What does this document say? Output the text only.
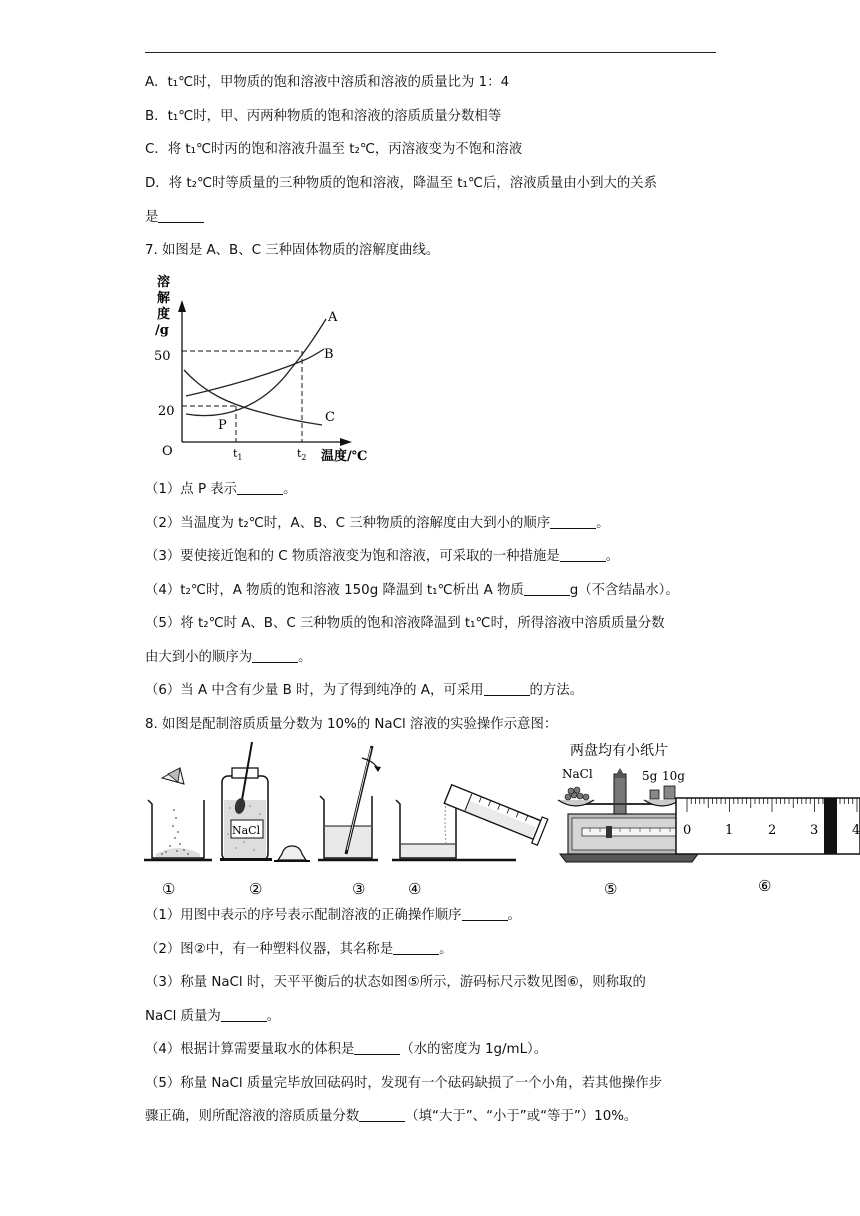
A．t₁℃时，甲物质的饱和溶液中溶质和溶液的质量比为 1：4
B．t₁℃时，甲、丙两种物质的饱和溶液的溶质质量分数相等
C．将 t₁℃时丙的饱和溶液升温至 t₂℃，丙溶液变为不饱和溶液
D．将 t₂℃时等质量的三种物质的饱和溶液，降温至 t₁℃后，溶液质量由小到大的关系
是
7. 如图是 A、B、C 三种固体物质的溶解度曲线。
溶
解
度
/g
O
50
20
$t_1$	$t_2$ 温度/℃
A
B
C
P
（1）点 P 表示	。
（2）当温度为 t₂℃时，A、B、C 三种物质的溶解度由大到小的顺序	。
（3）要使接近饱和的 C 物质溶液变为饱和溶液，可采取的一种措施是	。
（4）t₂℃时，A 物质的饱和溶液 150g 降温到 t₁℃析出 A 物质	g（不含结晶水）。
（5）将 t₂℃时 A、B、C 三种物质的饱和溶液降温到 t₁℃时，所得溶液中溶质质量分数
由大到小的顺序为	。
（6）当 A 中含有少量 B 时，为了得到纯净的 A，可采用	的方法。
8. 如图是配制溶质质量分数为 10%的 NaCl 溶液的实验操作示意图：
①
NaCl
②	③	④
两盘均有小纸片
NaCl	5g 10g
⑤
0	1	2	3	4
⑥
（1）用图中表示的序号表示配制溶液的正确操作顺序	。
（2）图②中，有一种塑料仪器，其名称是	。
（3）称量 NaCl 时，天平平衡后的状态如图⑤所示，游码标尺示数见图⑥，则称取的
NaCl 质量为	。
（4）根据计算需要量取水的体积是	（水的密度为 1g/mL）。
（5）称量 NaCl 质量完毕放回砝码时，发现有一个砝码缺损了一个小角，若其他操作步
骤正确，则所配溶液的溶质质量分数	（填“大于”、“小于”或“等于”）10%。
